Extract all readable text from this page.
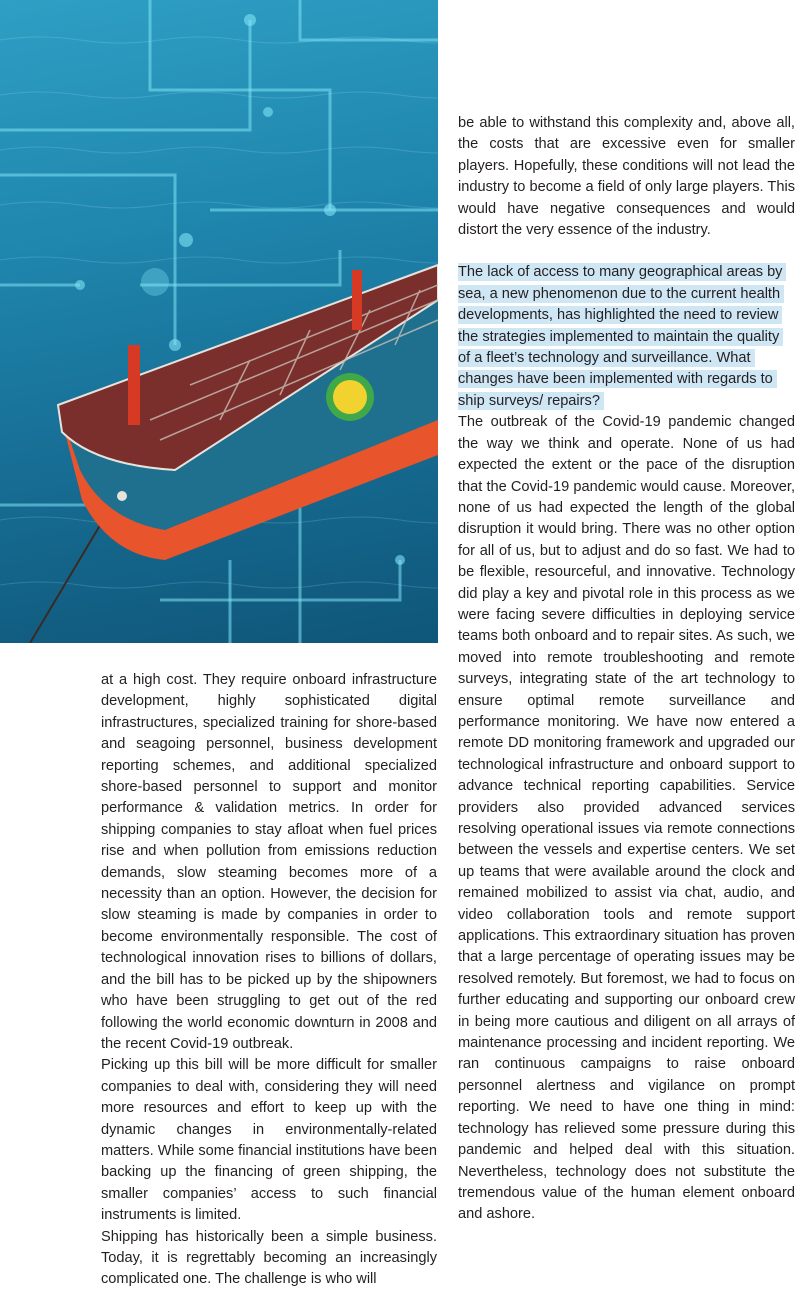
at a high cost. They require onboard infrastructure development, highly sophisticated digital infrastructures, specialized training for shore-based and seagoing personnel, business development reporting schemes, and additional specialized shore-based personnel to support and monitor performance & validation metrics. In order for shipping companies to stay afloat when fuel prices rise and when pollution from emissions reduction demands, slow steaming becomes more of a necessity than an option. However, the decision for slow steaming is made by companies in order to become environmentally responsible. The cost of technological innovation rises to billions of dollars, and the bill has to be picked up by the shipowners who have been struggling to get out of the red following the world economic downturn in 2008 and the recent Covid-19 outbreak.

Picking up this bill will be more difficult for smaller companies to deal with, considering they will need more resources and effort to keep up with the dynamic changes in environmentally-related matters. While some financial institutions have been backing up the financing of green shipping, the smaller companies’ access to such financial instruments is limited.

Shipping has historically been a simple business. Today, it is regrettably becoming an increasingly complicated one. The challenge is who will

be able to withstand this complexity and, above all, the costs that are excessive even for smaller players. Hopefully, these conditions will not lead the industry to become a field of only large players. This would have negative consequences and would distort the very essence of the industry.

The lack of access to many geographical areas by sea, a new phenomenon due to the current health developments, has highlighted the need to review the strategies implemented to maintain the quality of a fleet’s technology and surveillance. What changes have been implemented with regards to ship surveys/ repairs?

The outbreak of the Covid-19 pandemic changed the way we think and operate. None of us had expected the extent or the pace of the disruption that the Covid-19 pandemic would cause. Moreover, none of us had expected the length of the global disruption it would bring. There was no other option for all of us, but to adjust and do so fast. We had to be flexible, resourceful, and innovative. Technology did play a key and pivotal role in this process as we were facing severe difficulties in deploying service teams both onboard and to repair sites. As such, we moved into remote troubleshooting and remote surveys, integrating state of the art technology to ensure optimal remote surveillance and performance monitoring. We have now entered a remote DD monitoring framework and upgraded our technological infrastructure and onboard support to advance technical reporting capabilities. Service providers also provided advanced services resolving operational issues via remote connections between the vessels and expertise centers. We set up teams that were available around the clock and remained mobilized to assist via chat, audio, and video collaboration tools and remote support applications. This extraordinary situation has proven that a large percentage of operating issues may be resolved remotely. But foremost, we had to focus on further educating and supporting our onboard crew in being more cautious and diligent on all arrays of maintenance processing and incident reporting. We ran continuous campaigns to raise onboard personnel alertness and vigilance on prompt reporting. We need to have one thing in mind: technology has relieved some pressure during this pandemic and helped deal with this situation. Nevertheless, technology does not substitute the tremendous value of the human element onboard and ashore.
